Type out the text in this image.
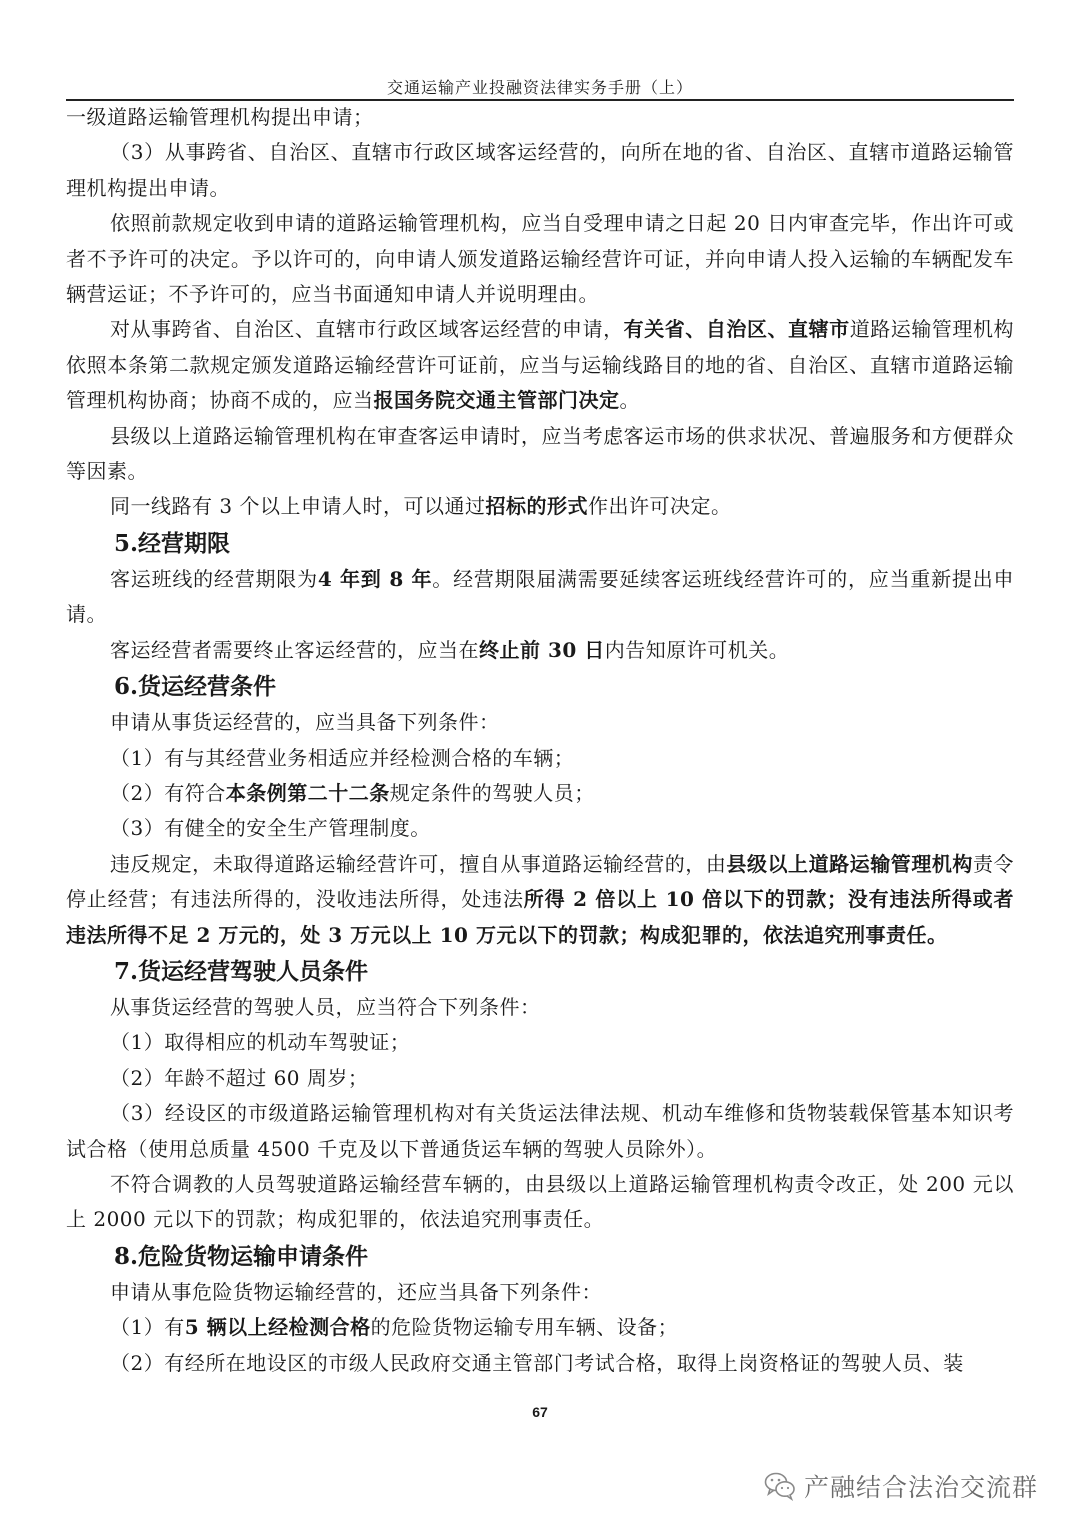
交通运输产业投融资法律实务手册（上）

一级道路运输管理机构提出申请；

（3）从事跨省、自治区、直辖市行政区域客运经营的，向所在地的省、自治区、直辖市道路运输管理机构提出申请。

依照前款规定收到申请的道路运输管理机构，应当自受理申请之日起 20 日内审查完毕，作出许可或者不予许可的决定。予以许可的，向申请人颁发道路运输经营许可证，并向申请人投入运输的车辆配发车辆营运证；不予许可的，应当书面通知申请人并说明理由。

对从事跨省、自治区、直辖市行政区域客运经营的申请，有关省、自治区、直辖市道路运输管理机构依照本条第二款规定颁发道路运输经营许可证前，应当与运输线路目的地的省、自治区、直辖市道路运输管理机构协商；协商不成的，应当报国务院交通主管部门决定。

县级以上道路运输管理机构在审查客运申请时，应当考虑客运市场的供求状况、普遍服务和方便群众等因素。

同一线路有 3 个以上申请人时，可以通过招标的形式作出许可决定。

5.经营期限

客运班线的经营期限为4 年到 8 年。经营期限届满需要延续客运班线经营许可的，应当重新提出申请。

客运经营者需要终止客运经营的，应当在终止前 30 日内告知原许可机关。

6.货运经营条件

申请从事货运经营的，应当具备下列条件：

（1）有与其经营业务相适应并经检测合格的车辆；

（2）有符合本条例第二十二条规定条件的驾驶人员；

（3）有健全的安全生产管理制度。

违反规定，未取得道路运输经营许可，擅自从事道路运输经营的，由县级以上道路运输管理机构责令停止经营；有违法所得的，没收违法所得，处违法所得 2 倍以上 10 倍以下的罚款；没有违法所得或者违法所得不足 2 万元的，处 3 万元以上 10 万元以下的罚款；构成犯罪的，依法追究刑事责任。

7.货运经营驾驶人员条件

从事货运经营的驾驶人员，应当符合下列条件：

（1）取得相应的机动车驾驶证；

（2）年龄不超过 60 周岁；

（3）经设区的市级道路运输管理机构对有关货运法律法规、机动车维修和货物装载保管基本知识考试合格（使用总质量 4500 千克及以下普通货运车辆的驾驶人员除外）。

不符合调教的人员驾驶道路运输经营车辆的，由县级以上道路运输管理机构责令改正，处 200 元以上 2000 元以下的罚款；构成犯罪的，依法追究刑事责任。

8.危险货物运输申请条件

申请从事危险货物运输经营的，还应当具备下列条件：

（1）有5 辆以上经检测合格的危险货物运输专用车辆、设备；

（2）有经所在地设区的市级人民政府交通主管部门考试合格，取得上岗资格证的驾驶人员、装

67
产融结合法治交流群
